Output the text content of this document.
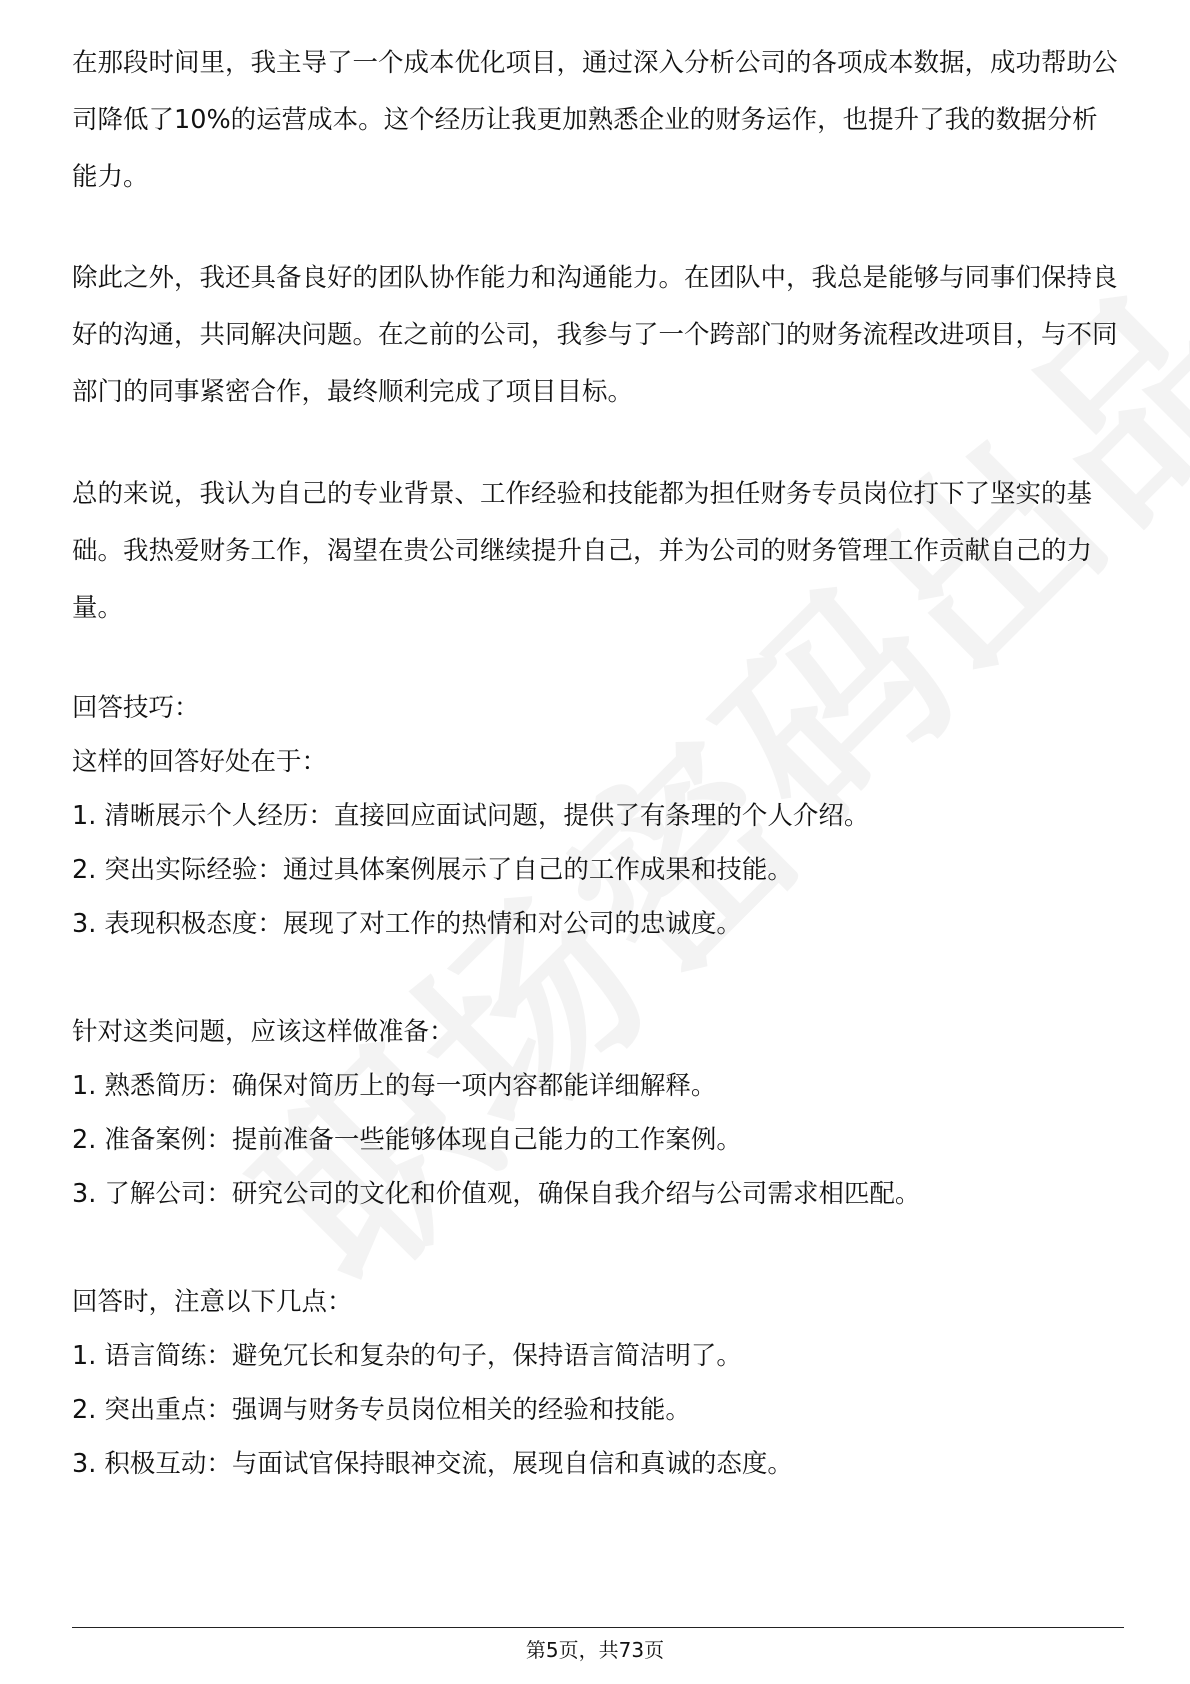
在那段时间里，我主导了一个成本优化项目，通过深入分析公司的各项成本数据，成功帮助公司降低了10%的运营成本。这个经历让我更加熟悉企业的财务运作，也提升了我的数据分析能力。

除此之外，我还具备良好的团队协作能力和沟通能力。在团队中，我总是能够与同事们保持良好的沟通，共同解决问题。在之前的公司，我参与了一个跨部门的财务流程改进项目，与不同部门的同事紧密合作，最终顺利完成了项目目标。

总的来说，我认为自己的专业背景、工作经验和技能都为担任财务专员岗位打下了坚实的基础。我热爱财务工作，渴望在贵公司继续提升自己，并为公司的财务管理工作贡献自己的力量。

回答技巧：

这样的回答好处在于：

1. 清晰展示个人经历：直接回应面试问题，提供了有条理的个人介绍。

2. 突出实际经验：通过具体案例展示了自己的工作成果和技能。

3. 表现积极态度：展现了对工作的热情和对公司的忠诚度。

针对这类问题，应该这样做准备：

1. 熟悉简历：确保对简历上的每一项内容都能详细解释。

2. 准备案例：提前准备一些能够体现自己能力的工作案例。

3. 了解公司：研究公司的文化和价值观，确保自我介绍与公司需求相匹配。

回答时，注意以下几点：

1. 语言简练：避免冗长和复杂的句子，保持语言简洁明了。

2. 突出重点：强调与财务专员岗位相关的经验和技能。

3. 积极互动：与面试官保持眼神交流，展现自信和真诚的态度。

第5页，共73页
